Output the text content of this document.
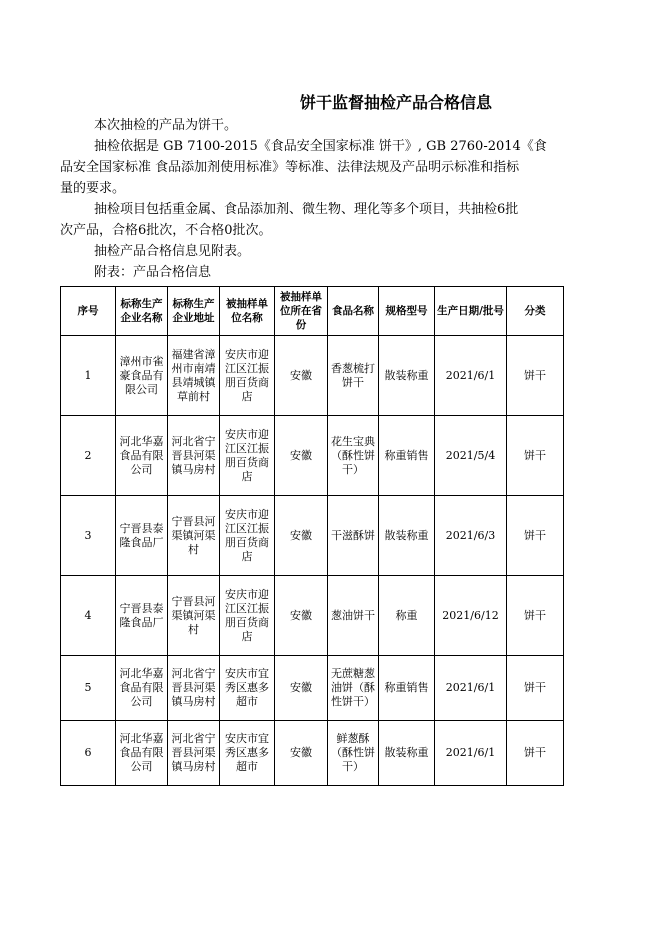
饼干监督抽检产品合格信息
本次抽检的产品为饼干。
抽检依据是 GB 7100-2015《食品安全国家标准 饼干》, GB 2760-2014《食
品安全国家标准 食品添加剂使用标准》等标准、法律法规及产品明示标准和指标
量的要求。
抽检项目包括重金属、食品添加剂、微生物、理化等多个项目，共抽检6批
次产品，合格6批次，不合格0批次。
抽检产品合格信息见附表。
附表：产品合格信息
序号	标称生产企业名称	标称生产企业地址	被抽样单位名称	被抽样单位所在省份	食品名称	规格型号	生产日期/批号	分类
1	漳州市雀豪食品有限公司	福建省漳州市南靖县靖城镇草前村	安庆市迎江区江振朋百货商店	安徽	香葱梳打饼干	散装称重	2021/6/1	饼干
2	河北华嘉食品有限公司	河北省宁晋县河渠镇马房村	安庆市迎江区江振朋百货商店	安徽	花生宝典（酥性饼干）	称重销售	2021/5/4	饼干
3	宁晋县泰隆食品厂	宁晋县河渠镇河渠村	安庆市迎江区江振朋百货商店	安徽	干滋酥饼	散装称重	2021/6/3	饼干
4	宁晋县泰隆食品厂	宁晋县河渠镇河渠村	安庆市迎江区江振朋百货商店	安徽	葱油饼干	称重	2021/6/12	饼干
5	河北华嘉食品有限公司	河北省宁晋县河渠镇马房村	安庆市宜秀区惠多超市	安徽	无蔗糖葱油饼（酥性饼干）	称重销售	2021/6/1	饼干
6	河北华嘉食品有限公司	河北省宁晋县河渠镇马房村	安庆市宜秀区惠多超市	安徽	鲜葱酥（酥性饼干）	散装称重	2021/6/1	饼干
